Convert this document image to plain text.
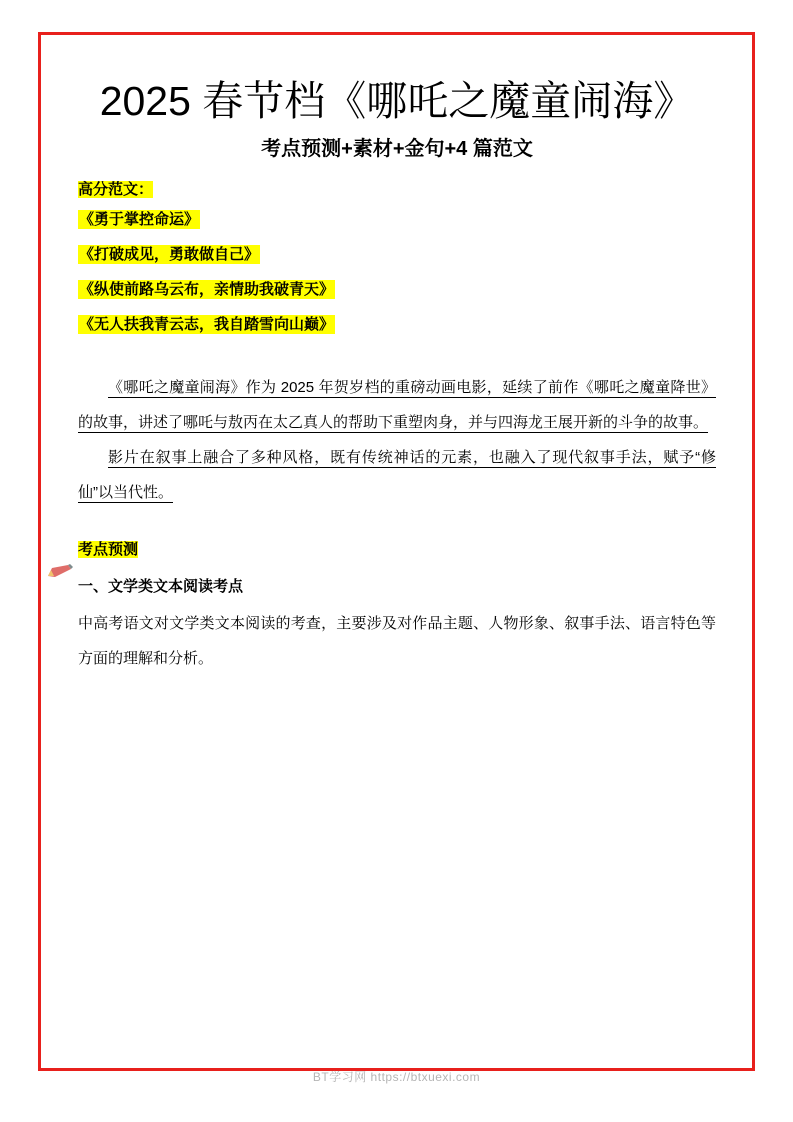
2025 春节档《哪吒之魔童闹海》
考点预测+素材+金句+4 篇范文

高分范文：

《勇于掌控命运》
《打破成见，勇敢做自己》
《纵使前路乌云布，亲情助我破青天》
《无人扶我青云志，我自踏雪向山巅》

《哪吒之魔童闹海》作为 2025 年贺岁档的重磅动画电影，延续了前作《哪吒之魔童降世》的故事，讲述了哪吒与敖丙在太乙真人的帮助下重塑肉身，并与四海龙王展开新的斗争的故事。

影片在叙事上融合了多种风格，既有传统神话的元素，也融入了现代叙事手法，赋予“修仙”以当代性。

考点预测

一、文学类文本阅读考点

中高考语文对文学类文本阅读的考查，主要涉及对作品主题、人物形象、叙事手法、语言特色等方面的理解和分析。

BT学习网 https://btxuexi.com
